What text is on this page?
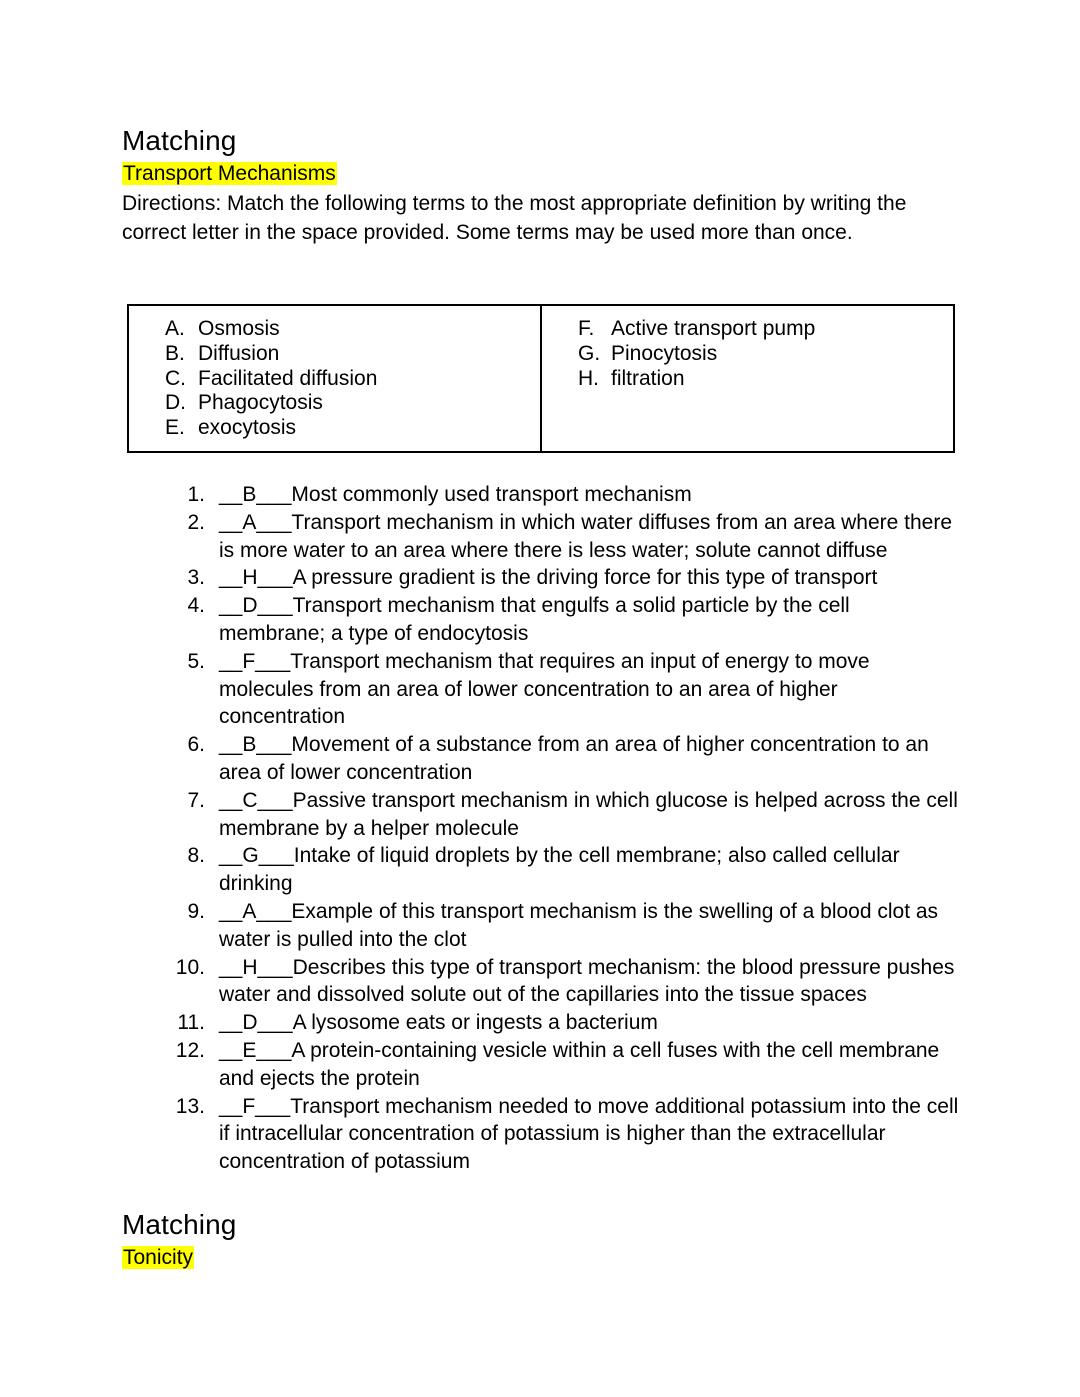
Matching
Transport Mechanisms

Directions: Match the following terms to the most appropriate definition by writing the correct letter in the space provided. Some terms may be used more than once.

A. Osmosis
B. Diffusion
C. Facilitated diffusion
D. Phagocytosis
E. exocytosis
F. Active transport pump
G. Pinocytosis
H. filtration
1. __B___Most commonly used transport mechanism
2. __A___Transport mechanism in which water diffuses from an area where there is more water to an area where there is less water; solute cannot diffuse
3. __H___A pressure gradient is the driving force for this type of transport
4. __D___Transport mechanism that engulfs a solid particle by the cell membrane; a type of endocytosis
5. __F___Transport mechanism that requires an input of energy to move molecules from an area of lower concentration to an area of higher concentration
6. __B___Movement of a substance from an area of higher concentration to an area of lower concentration
7. __C___Passive transport mechanism in which glucose is helped across the cell membrane by a helper molecule
8. __G___Intake of liquid droplets by the cell membrane; also called cellular drinking
9. __A___Example of this transport mechanism is the swelling of a blood clot as water is pulled into the clot
10. __H___Describes this type of transport mechanism: the blood pressure pushes water and dissolved solute out of the capillaries into the tissue spaces
11. __D___A lysosome eats or ingests a bacterium
12. __E___A protein-containing vesicle within a cell fuses with the cell membrane and ejects the protein
13. __F___Transport mechanism needed to move additional potassium into the cell if intracellular concentration of potassium is higher than the extracellular concentration of potassium
Matching
Tonicity
